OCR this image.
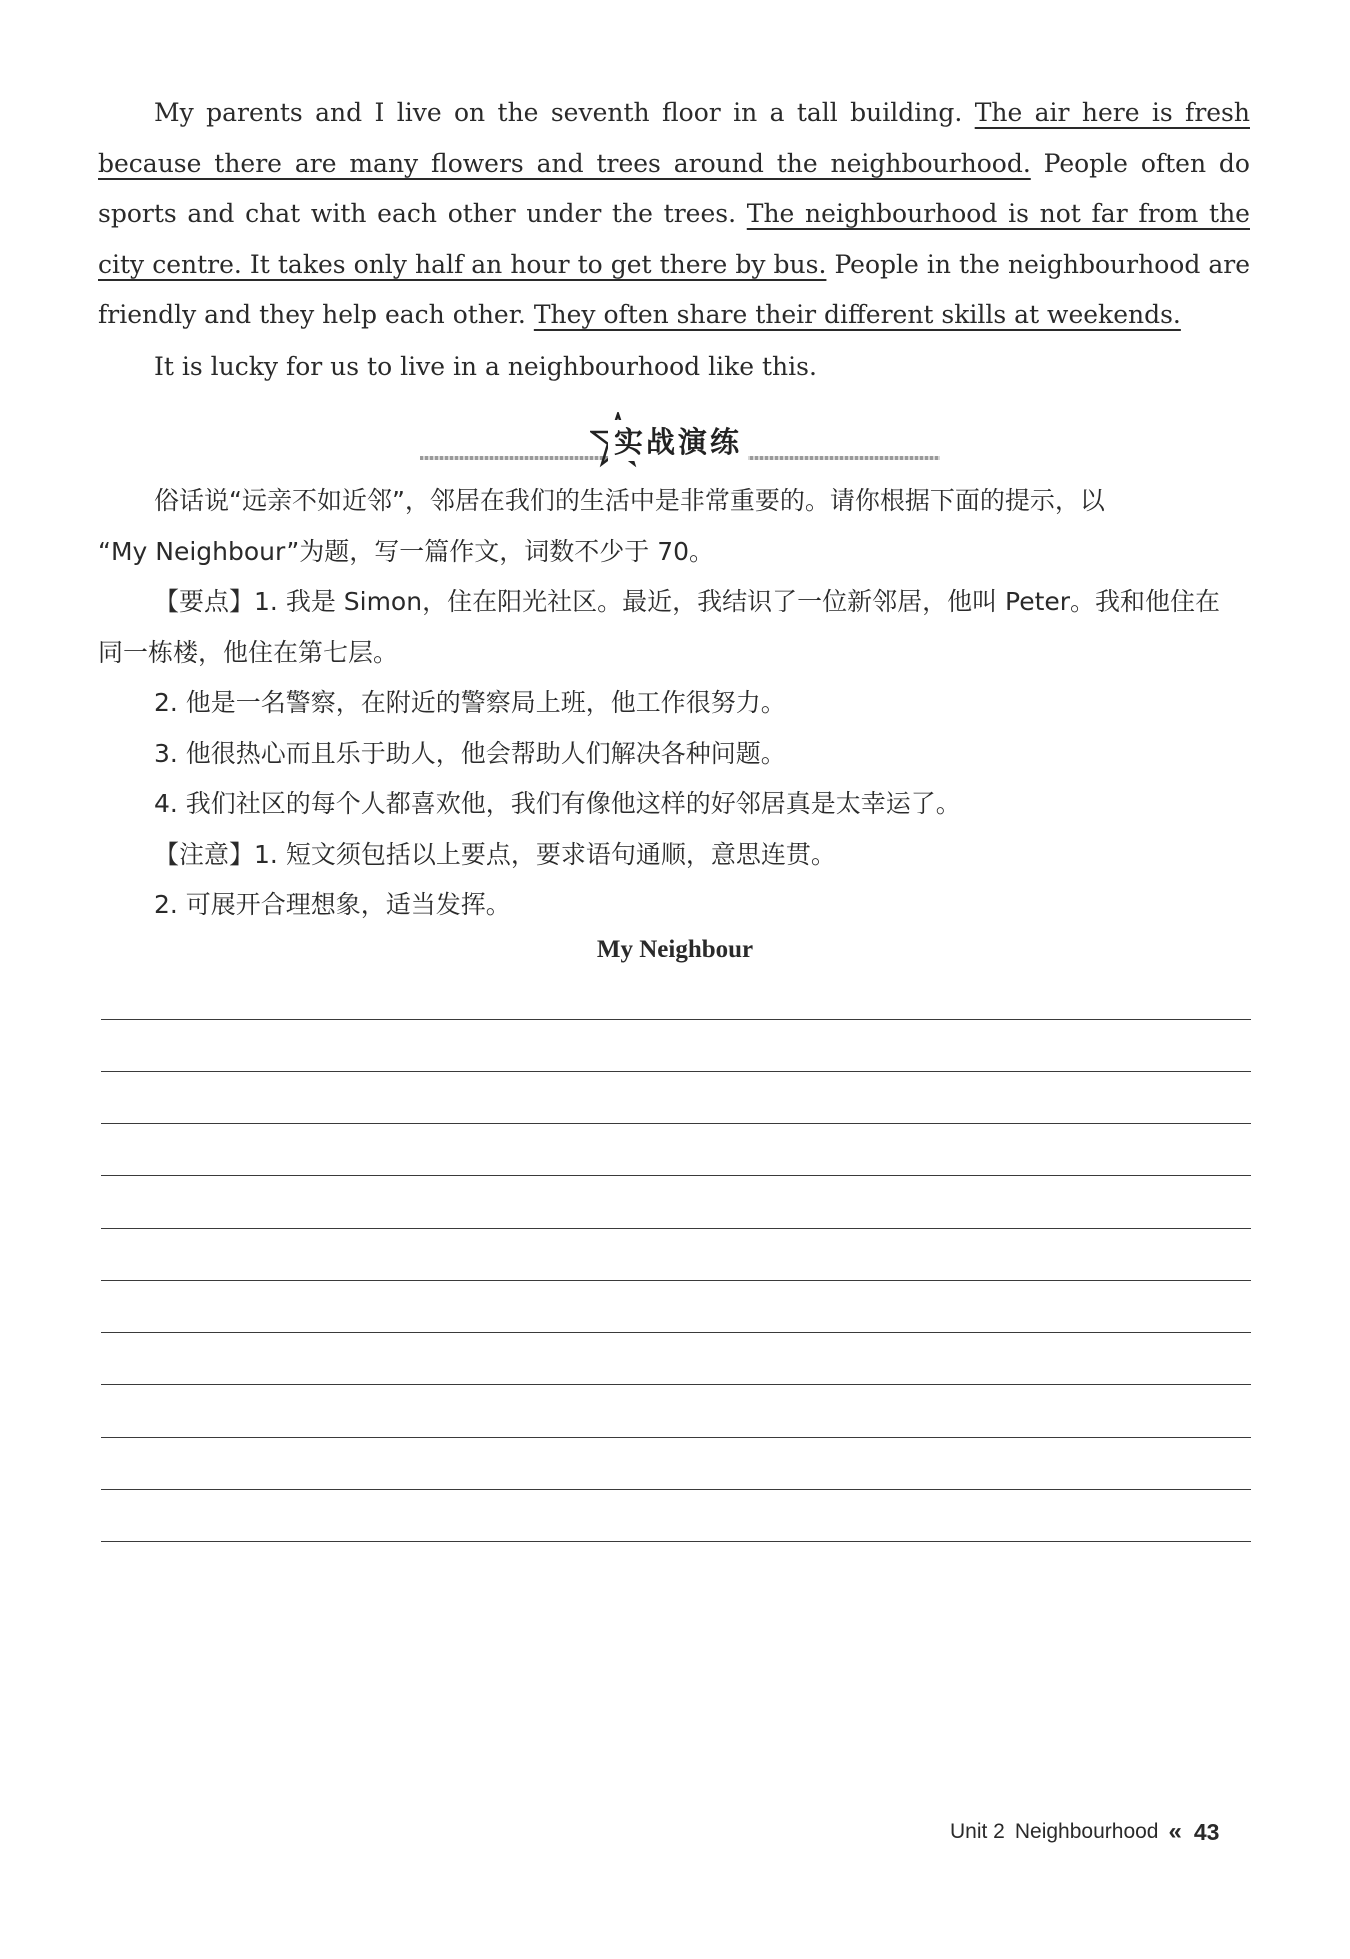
My parents and I live on the seventh floor in a tall building. The air here is fresh because there are many flowers and trees around the neighbourhood. People often do sports and chat with each other under the trees. The neighbourhood is not far from the city centre. It takes only half an hour to get there by bus. People in the neighbourhood are friendly and they help each other. They often share their different skills at weekends.

It is lucky for us to live in a neighbourhood like this.

实战演练

俗话说“远亲不如近邻”，邻居在我们的生活中是非常重要的。请你根据下面的提示，以

“My Neighbour”为题，写一篇作文，词数不少于 70。

【要点】1. 我是 Simon，住在阳光社区。最近，我结识了一位新邻居，他叫 Peter。我和他住在

同一栋楼，他住在第七层。

2. 他是一名警察，在附近的警察局上班，他工作很努力。

3. 他很热心而且乐于助人，他会帮助人们解决各种问题。

4. 我们社区的每个人都喜欢他，我们有像他这样的好邻居真是太幸运了。

【注意】1. 短文须包括以上要点，要求语句通顺，意思连贯。

2. 可展开合理想象，适当发挥。

My Neighbour
Unit 2 Neighbourhood « 43
